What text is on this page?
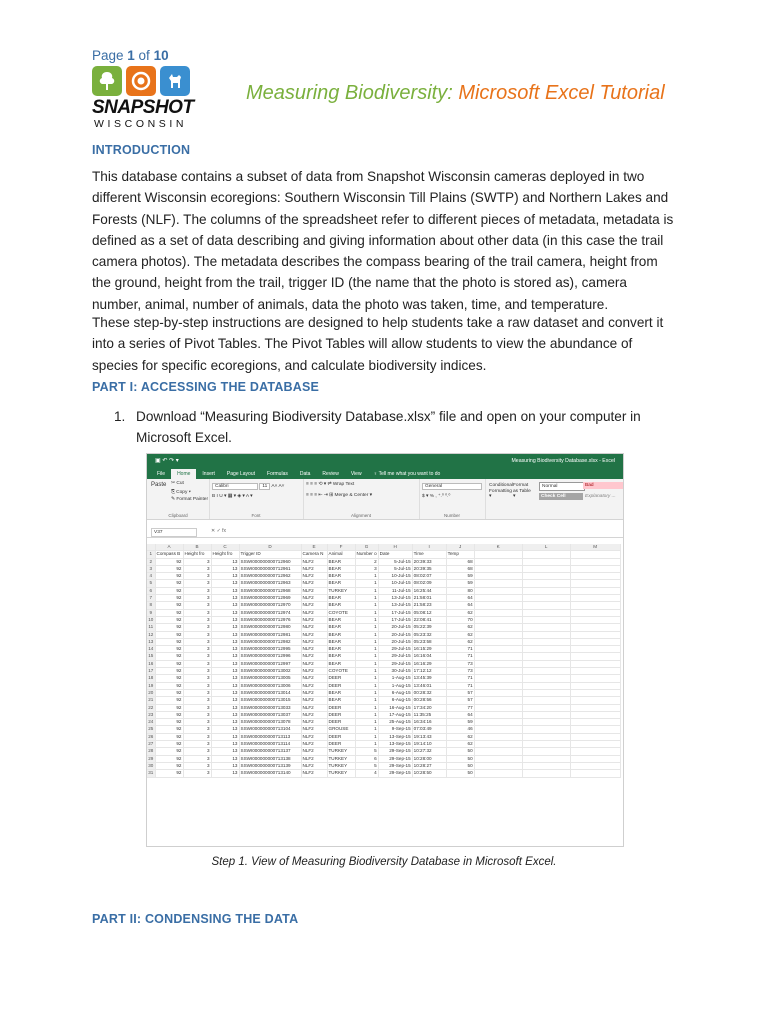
Page 1 of 10
SNAPSHOT
WISCONSIN
Measuring Biodiversity: Microsoft Excel Tutorial
INTRODUCTION

This database contains a subset of data from Snapshot Wisconsin cameras deployed in two different Wisconsin ecoregions: Southern Wisconsin Till Plains (SWTP) and Northern Lakes and Forests (NLF). The columns of the spreadsheet refer to different pieces of metadata, metadata is defined as a set of data describing and giving information about other data (in this case the trail camera photos). The metadata describes the compass bearing of the trail camera, height from the ground, height from the trail, trigger ID (the name that the photo is stored as), camera number, animal, number of animals, data the photo was taken, time, and temperature.

These step-by-step instructions are designed to help students take a raw dataset and convert it into a series of Pivot Tables. The Pivot Tables will allow students to view the abundance of species for specific ecoregions, and calculate biodiversity indices.

PART I: ACCESSING THE DATABASE
1. Download “Measuring Biodiversity Database.xlsx” file and open on your computer in Microsoft Excel.
▣ ↶ ↷ ▾	Measuring Biodiversity Database.xlsx - Excel
File	Home	Insert	Page Layout	Formulas	Data	Review	View	♀ Tell me what you want to do
Paste ✂ Cut
⎘ Copy ▾
✎ Format Painter
Clipboard
Calibri	11 A˄ A˅
B I U ▾ ▦ ▾ ◈ ▾ A ▾
Font
≡ ≡ ≡ ⟲ ▾ ⇌ Wrap Text
≡ ≡ ≡ ⇤ ⇥ ⊞ Merge & Center ▾
Alignment
General
$ ▾ % , ⁺.⁰ ⁰.⁰
Number
Conditional Formatting ▾
Format as Table ▾
Normal	Bad
Check Cell	Explanatory ...
V37	✕ ✓ fx
	A	B	C	D	E	F	G	H	I	J	K	L	M
1	Compass B	Height fro	Height fro	Trigger ID	Camera N	Animal	Number o	Date	Time	Temp			
2	92	3	13	SSWI000000000712960	NLF2	BEAR	2	5-Jul-15	20:39:33	68			
3	92	3	13	SSWI000000000712961	NLF2	BEAR	3	5-Jul-15	20:39:35	68			
4	92	3	13	SSWI000000000712962	NLF2	BEAR	1	10-Jul-15	08:02:07	59			
5	92	3	13	SSWI000000000712963	NLF2	BEAR	1	10-Jul-15	08:02:09	59			
6	92	3	13	SSWI000000000712968	NLF2	TURKEY	1	11-Jul-15	16:25:44	80			
7	92	3	13	SSWI000000000712969	NLF2	BEAR	1	13-Jul-15	21:58:01	64			
8	92	3	13	SSWI000000000712970	NLF2	BEAR	1	13-Jul-15	21:58:23	64			
9	92	3	13	SSWI000000000712974	NLF2	COYOTE	1	17-Jul-15	05:08:12	62			
10	92	3	13	SSWI000000000712976	NLF2	BEAR	1	17-Jul-15	22:08:41	70			
11	92	3	13	SSWI000000000712980	NLF2	BEAR	1	20-Jul-15	05:22:39	62			
12	92	3	13	SSWI000000000712981	NLF2	BEAR	1	20-Jul-15	05:23:32	62			
13	92	3	13	SSWI000000000712982	NLF2	BEAR	1	20-Jul-15	05:23:58	62			
14	92	3	13	SSWI000000000712995	NLF2	BEAR	1	29-Jul-15	16:15:29	71			
15	92	3	13	SSWI000000000712996	NLF2	BEAR	1	29-Jul-15	16:16:04	71			
16	92	3	13	SSWI000000000712997	NLF2	BEAR	1	29-Jul-15	16:16:29	73			
17	92	3	13	SSWI000000000713002	NLF2	COYOTE	1	30-Jul-15	17:12:12	73			
18	92	3	13	SSWI000000000713005	NLF2	DEER	1	1-Aug-15	13:45:39	71			
19	92	3	13	SSWI000000000713006	NLF2	DEER	1	1-Aug-15	13:46:01	71			
20	92	3	13	SSWI000000000713014	NLF2	BEAR	1	6-Aug-15	00:28:32	57			
21	92	3	13	SSWI000000000713015	NLF2	BEAR	1	6-Aug-15	00:28:56	57			
22	92	3	13	SSWI000000000713033	NLF2	DEER	1	16-Aug-15	17:34:20	77			
23	92	3	13	SSWI000000000713037	NLF2	DEER	1	17-Aug-15	11:35:25	64			
24	92	3	13	SSWI000000000713078	NLF2	DEER	1	25-Aug-15	16:34:16	59			
25	92	3	13	SSWI000000000713104	NLF2	GROUSE	1	9-Sep-15	07:03:49	46			
26	92	3	13	SSWI000000000713113	NLF2	DEER	1	13-Sep-15	19:13:43	62			
27	92	3	13	SSWI000000000713114	NLF2	DEER	1	13-Sep-15	19:14:10	62			
28	92	3	13	SSWI000000000713137	NLF2	TURKEY	5	29-Sep-15	10:27:32	50			
29	92	3	13	SSWI000000000713138	NLF2	TURKEY	6	29-Sep-15	10:28:00	50			
30	92	3	13	SSWI000000000713139	NLF2	TURKEY	5	29-Sep-15	10:28:27	50			
31	92	3	13	SSWI000000000713140	NLF2	TURKEY	4	29-Sep-15	10:28:50	50			
Step 1. View of Measuring Biodiversity Database in Microsoft Excel.
PART II: CONDENSING THE DATA
